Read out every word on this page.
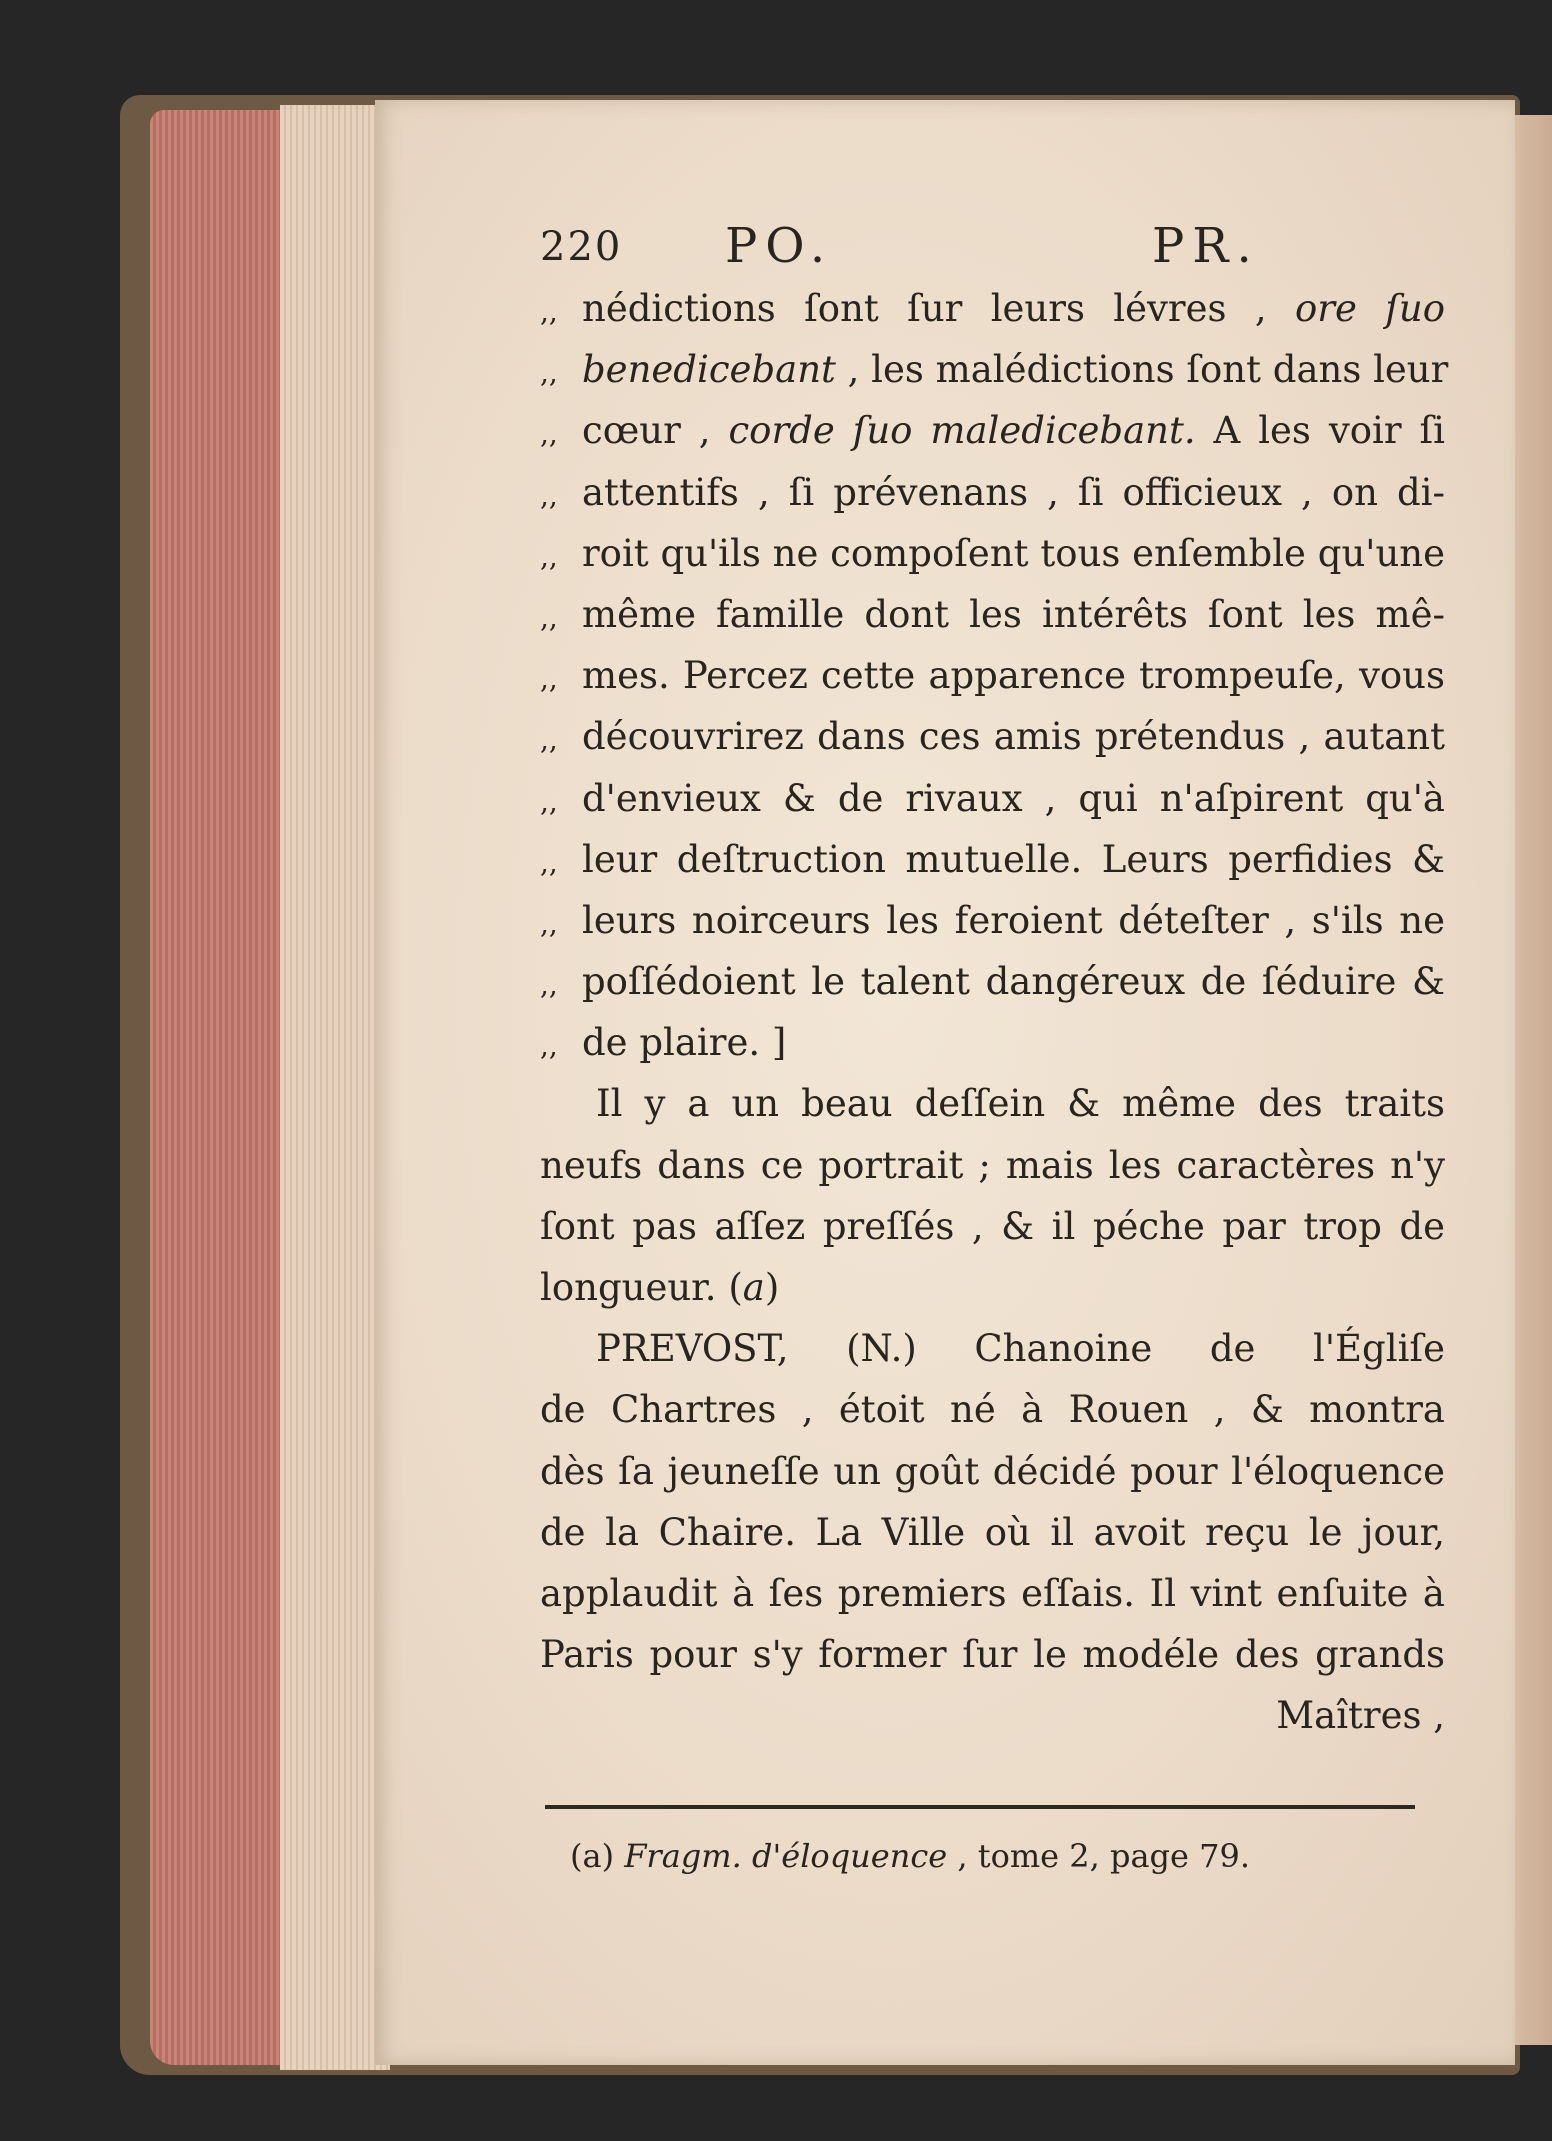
220 PO.	PR.
,, nédictions ſont ſur leurs lévres , ore ſuo
,, benedicebant , les malédictions ſont dans leur
,, cœur , corde ſuo maledicebant. A les voir ſi
,, attentifs , ſi prévenans , ſi officieux , on di-
,, roit qu'ils ne compoſent tous enſemble qu'une
,, même famille dont les intérêts ſont les mê-
,, mes. Percez cette apparence trompeuſe, vous
,, découvrirez dans ces amis prétendus , autant
,, d'envieux & de rivaux , qui n'aſpirent qu'à
,, leur deſtruction mutuelle. Leurs perfidies &
,, leurs noirceurs les feroient déteſter , s'ils ne
,, poſſédoient le talent dangéreux de ſéduire &
,, de plaire. ]
Il y a un beau deſſein & même des traits
neufs dans ce portrait ; mais les caractères n'y
ſont pas aſſez preſſés , & il péche par trop de
longueur. (a)
PREVOST, (N.) Chanoine de l'Égliſe
de Chartres , étoit né à Rouen , & montra
dès ſa jeuneſſe un goût décidé pour l'éloquence
de la Chaire. La Ville où il avoit reçu le jour,
applaudit à ſes premiers eſſais. Il vint enſuite à
Paris pour s'y former ſur le modéle des grands
Maîtres ,
(a) Fragm. d'éloquence , tome 2, page 79.
